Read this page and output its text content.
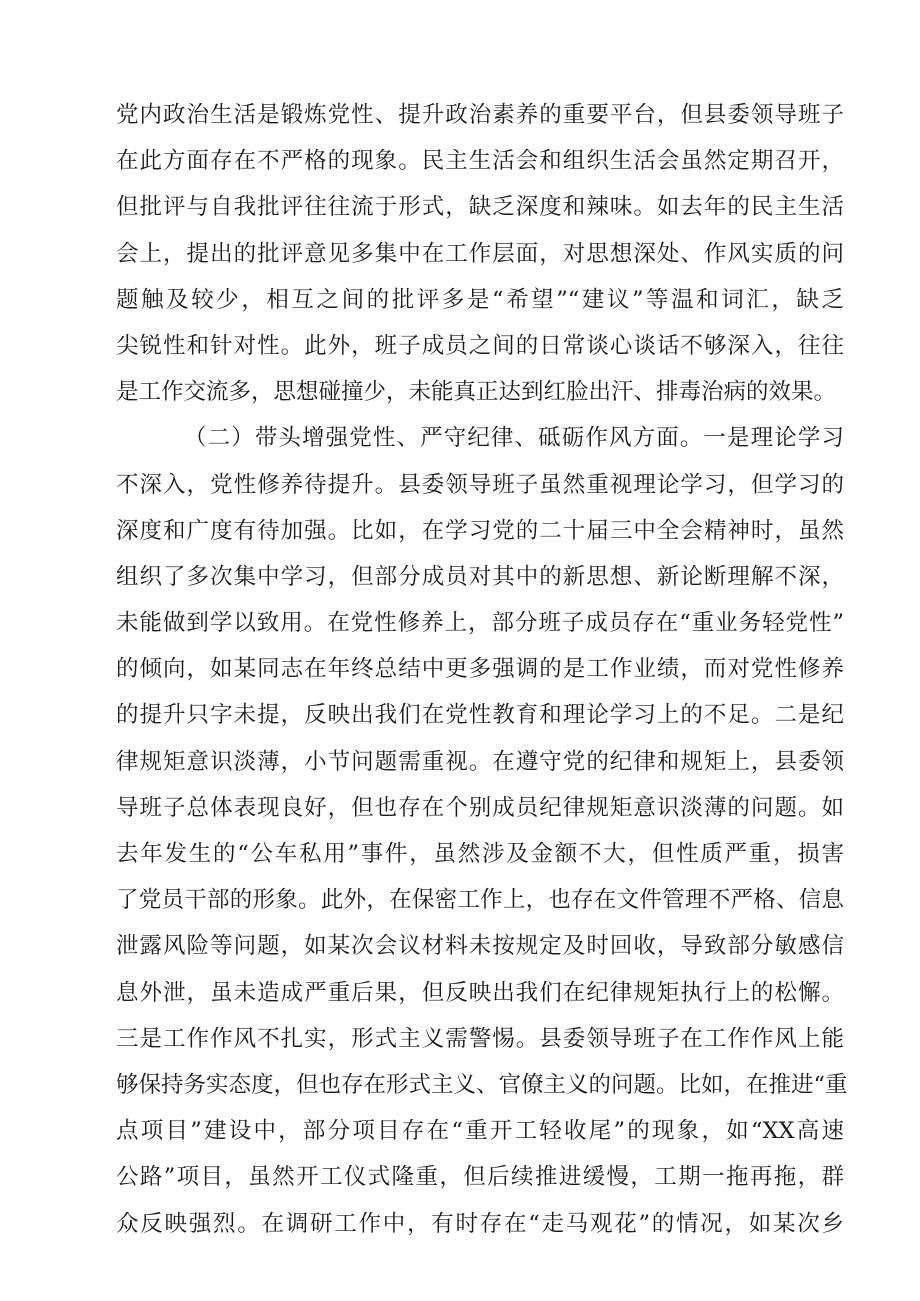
党内政治生活是锻炼党性、提升政治素养的重要平台，但县委领导班子
在此方面存在不严格的现象。民主生活会和组织生活会虽然定期召开，
但批评与自我批评往往流于形式，缺乏深度和辣味。如去年的民主生活
会上，提出的批评意见多集中在工作层面，对思想深处、作风实质的问
题触及较少，相互之间的批评多是“希望”“建议”等温和词汇，缺乏
尖锐性和针对性。此外，班子成员之间的日常谈心谈话不够深入，往往
是工作交流多，思想碰撞少，未能真正达到红脸出汗、排毒治病的效果。
（二）带头增强党性、严守纪律、砥砺作风方面。一是理论学习
不深入，党性修养待提升。县委领导班子虽然重视理论学习，但学习的
深度和广度有待加强。比如，在学习党的二十届三中全会精神时，虽然
组织了多次集中学习，但部分成员对其中的新思想、新论断理解不深，
未能做到学以致用。在党性修养上，部分班子成员存在“重业务轻党性”
的倾向，如某同志在年终总结中更多强调的是工作业绩，而对党性修养
的提升只字未提，反映出我们在党性教育和理论学习上的不足。二是纪
律规矩意识淡薄，小节问题需重视。在遵守党的纪律和规矩上，县委领
导班子总体表现良好，但也存在个别成员纪律规矩意识淡薄的问题。如
去年发生的“公车私用”事件，虽然涉及金额不大，但性质严重，损害
了党员干部的形象。此外，在保密工作上，也存在文件管理不严格、信息
泄露风险等问题，如某次会议材料未按规定及时回收，导致部分敏感信
息外泄，虽未造成严重后果，但反映出我们在纪律规矩执行上的松懈。
三是工作作风不扎实，形式主义需警惕。县委领导班子在工作作风上能
够保持务实态度，但也存在形式主义、官僚主义的问题。比如，在推进“重
点项目”建设中，部分项目存在“重开工轻收尾”的现象，如“XX高速
公路”项目，虽然开工仪式隆重，但后续推进缓慢，工期一拖再拖，群
众反映强烈。在调研工作中，有时存在“走马观花”的情况，如某次乡
